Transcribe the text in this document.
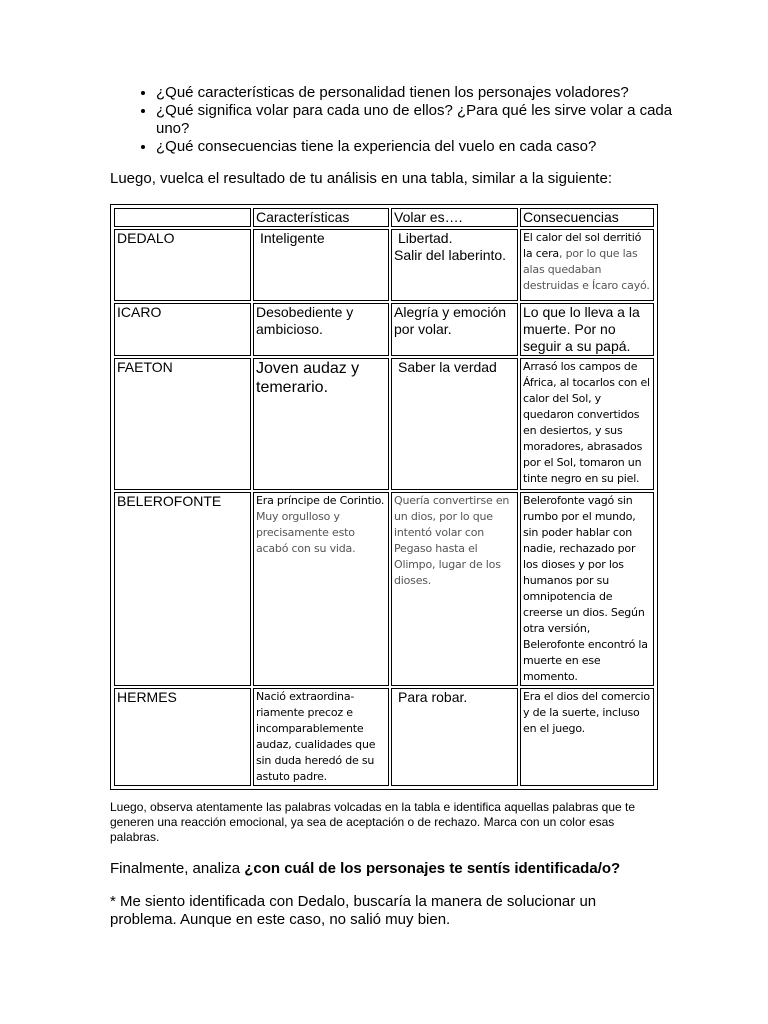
• ¿Qué características de personalidad tienen los personajes voladores?
• ¿Qué significa volar para cada uno de ellos? ¿Para qué les sirve volar a cada uno?
• ¿Qué consecuencias tiene la experiencia del vuelo en cada caso?

Luego, vuelca el resultado de tu análisis en una tabla, similar a la siguiente:

	Características	Volar es….	Consecuencias
DEDALO	Inteligente	Libertad.
Salir del laberinto.	El calor del sol derritió la cera, por lo que las alas quedaban destruidas e Ícaro cayó.
ICARO	Desobediente y ambicioso.	Alegría y emoción por volar.	Lo que lo lleva a la muerte. Por no seguir a su papá.
FAETON	Joven audaz y temerario.	Saber la verdad	Arrasó los campos de África, al tocarlos con el calor del Sol, y quedaron convertidos en desiertos, y sus moradores, abrasados por el Sol, tomaron un tinte negro en su piel.
BELEROFONTE	Era príncipe de Corintio.
Muy orgulloso y precisamente esto acabó con su vida.	Quería convertirse en un dios, por lo que intentó volar con Pegaso hasta el Olimpo, lugar de los dioses.	Belerofonte vagó sin rumbo por el mundo, sin poder hablar con nadie, rechazado por los dioses y por los humanos por su omnipotencia de creerse un dios. Según otra versión, Belerofonte encontró la muerte en ese momento.
HERMES	Nació extraordina-riamente precoz e incomparablemente audaz, cualidades que sin duda heredó de su astuto padre.	Para robar.	Era el dios del comercio y de la suerte, incluso en el juego.

Luego, observa atentamente las palabras volcadas en la tabla e identifica aquellas palabras que te generen una reacción emocional, ya sea de aceptación o de rechazo. Marca con un color esas palabras.

Finalmente, analiza ¿con cuál de los personajes te sentís identificada/o?

* Me siento identificada con Dedalo, buscaría la manera de solucionar un problema. Aunque en este caso, no salió muy bien.
